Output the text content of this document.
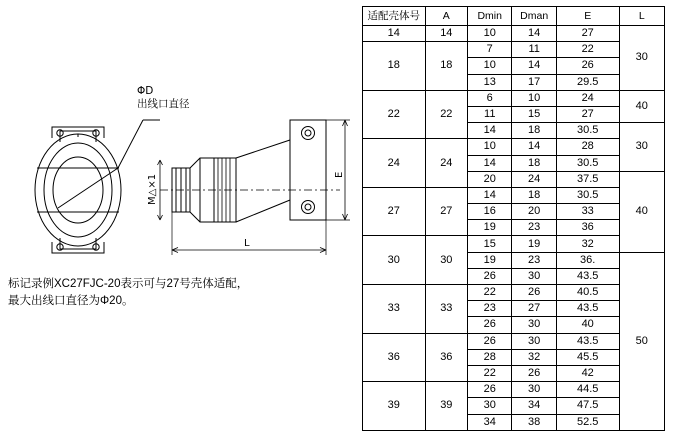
ΦD
出线口直径
M△×1	E
L
标记录例XC27FJC-20表示可与27号壳体适配，
最大出线口直径为Φ20。
适配壳体号	A	Dmin	Dman	E	L
14	14	10	14	27	30
18	18	7	11	22	
		10	14	26	
		13	17	29.5	
22	22	6	10	24	40
		11	15	27	
		14	18	30.5	30
24	24	10	14	28	
		14	18	30.5	
		20	24	37.5	40
27	27	14	18	30.5	
		16	20	33	
		19	23	36	
30	30	15	19	32	
		19	23	36.	50
		26	30	43.5	
33	33	22	26	40.5	
		23	27	43.5	
		26	30	40	
36	36	26	30	43.5	
		28	32	45.5	
		22	26	42	
39	39	26	30	44.5	
		30	34	47.5	
		34	38	52.5	
